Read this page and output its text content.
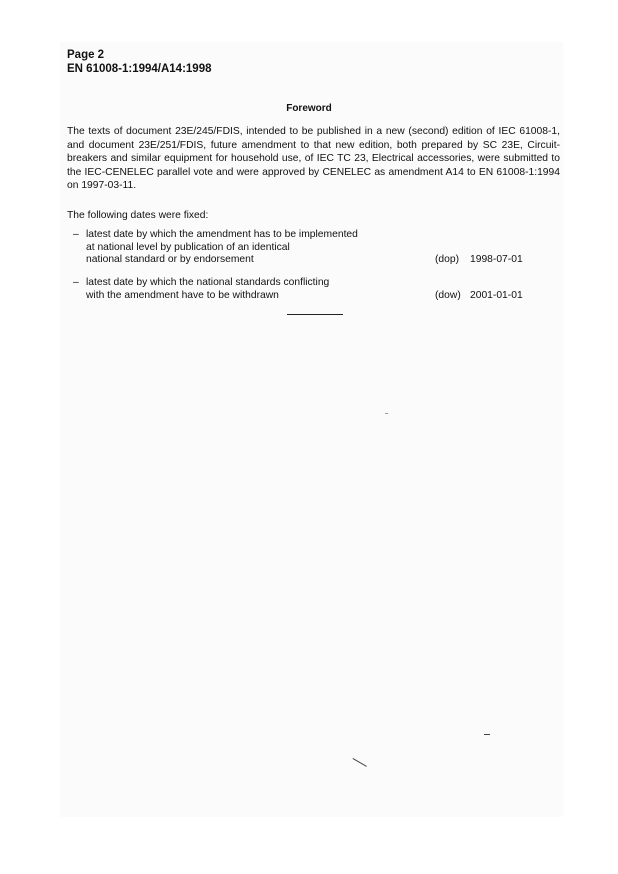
Page 2
EN 61008-1:1994/A14:1998
Foreword

The texts of document 23E/245/FDIS, intended to be published in a new (second) edition of IEC 61008-1, and document 23E/251/FDIS, future amendment to that new edition, both prepared by SC 23E, Circuit-breakers and similar equipment for household use, of IEC TC 23, Electrical accessories, were submitted to the IEC-CENELEC parallel vote and were approved by CENELEC as amendment A14 to EN 61008-1:1994 on 1997-03-11.

The following dates were fixed:
– latest date by which the amendment has to be implemented
at national level by publication of an identical
national standard or by endorsement	(dop) 1998-07-01
– latest date by which the national standards conflicting
with the amendment have to be withdrawn	(dow) 2001-01-01
